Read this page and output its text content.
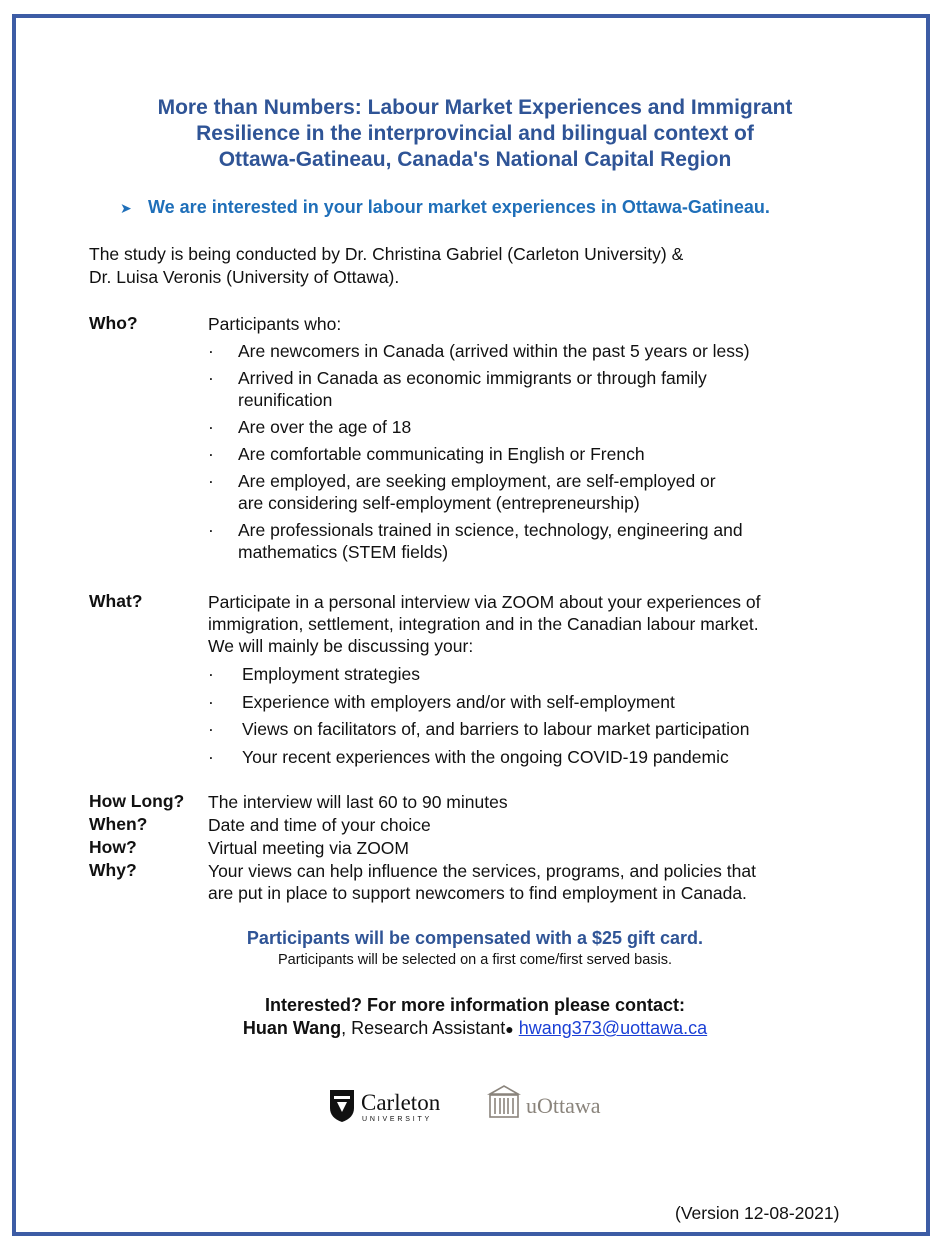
More than Numbers: Labour Market Experiences and Immigrant
Resilience in the interprovincial and bilingual context of
Ottawa-Gatineau, Canada's National Capital Region
➤ We are interested in your labour market experiences in Ottawa-Gatineau.
The study is being conducted by Dr. Christina Gabriel (Carleton University) &
Dr. Luisa Veronis (University of Ottawa).
Who?	Participants who:
· Are newcomers in Canada (arrived within the past 5 years or less)
· Arrived in Canada as economic immigrants or through family
reunification
· Are over the age of 18
· Are comfortable communicating in English or French
· Are employed, are seeking employment, are self-employed or
are considering self-employment (entrepreneurship)
· Are professionals trained in science, technology, engineering and
mathematics (STEM fields)
What?	Participate in a personal interview via ZOOM about your experiences of
immigration, settlement, integration and in the Canadian labour market.
We will mainly be discussing your:
· Employment strategies
· Experience with employers and/or with self-employment
· Views on facilitators of, and barriers to labour market participation
· Your recent experiences with the ongoing COVID-19 pandemic
How Long? The interview will last 60 to 90 minutes
When?	Date and time of your choice
How?	Virtual meeting via ZOOM
Why?	Your views can help influence the services, programs, and policies that
are put in place to support newcomers to find employment in Canada.
Participants will be compensated with a $25 gift card.
Participants will be selected on a first come/first served basis.
Interested? For more information please contact:
Huan Wang, Research Assistant● hwang373@uottawa.ca
Carleton
UNIVERSITY
uOttawa
(Version 12-08-2021)
